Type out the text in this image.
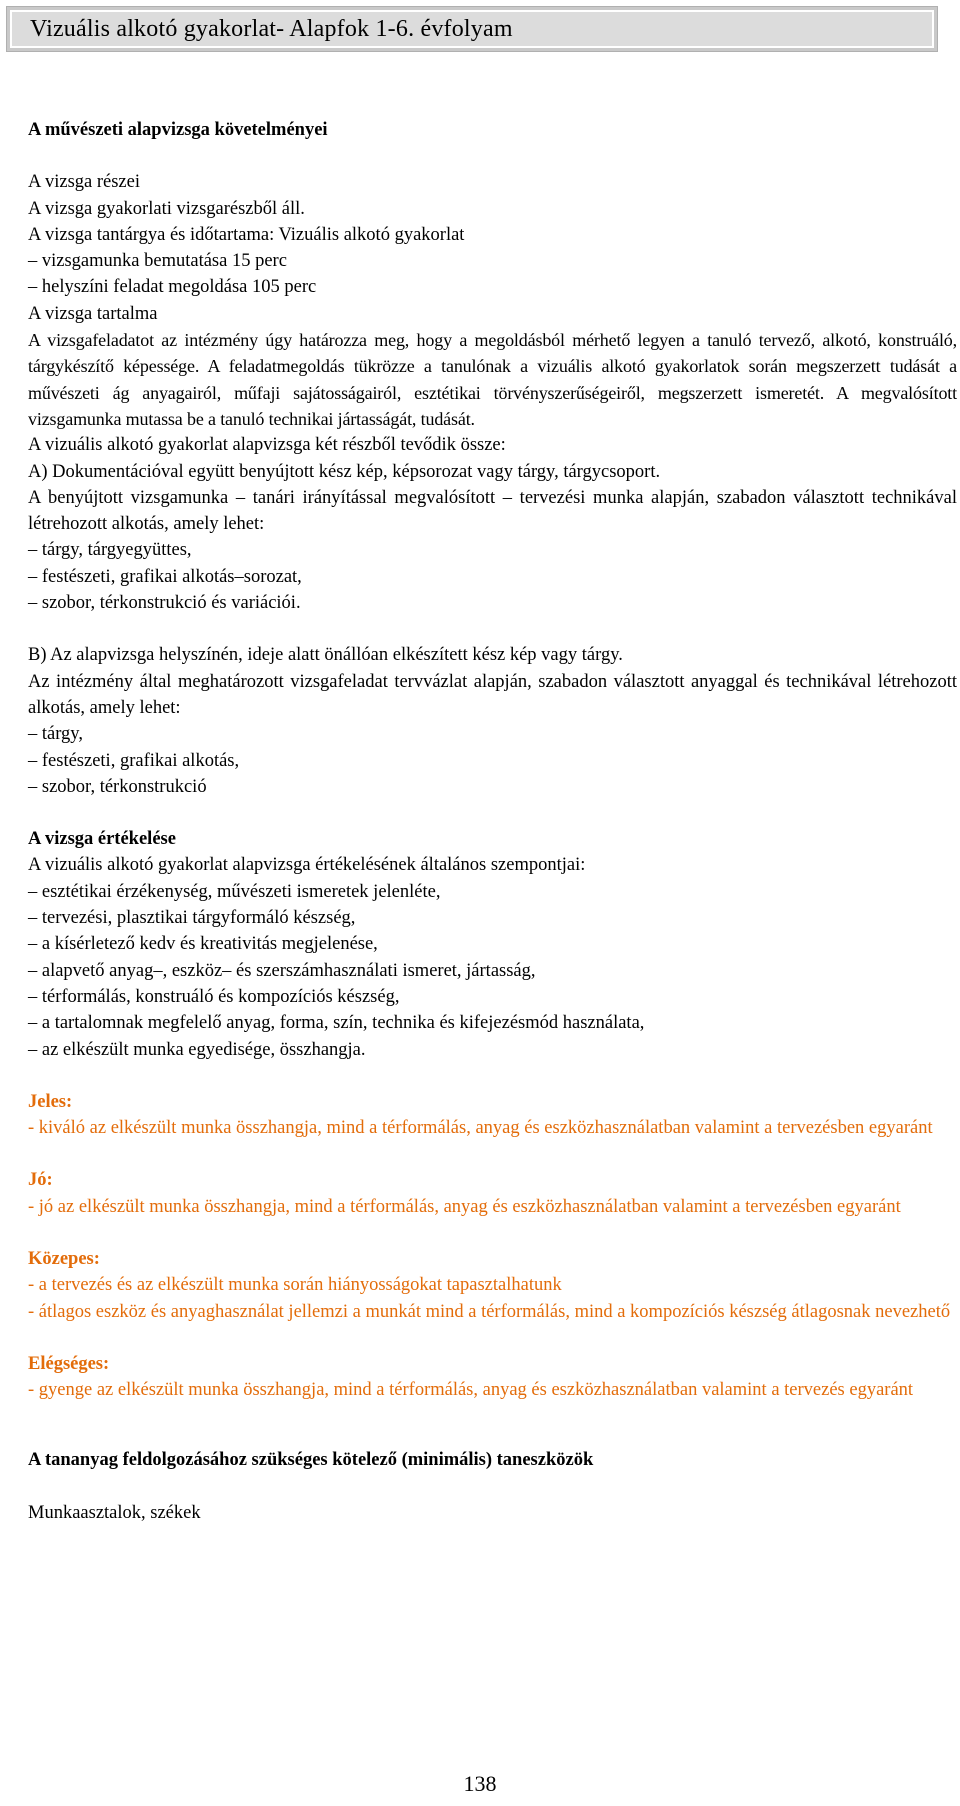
Vizuális alkotó gyakorlat- Alapfok 1-6. évfolyam

A művészeti alapvizsga követelményei

A vizsga részei

A vizsga gyakorlati vizsgarészből áll.

A vizsga tantárgya és időtartama: Vizuális alkotó gyakorlat

– vizsgamunka bemutatása 15 perc

– helyszíni feladat megoldása 105 perc

A vizsga tartalma

A vizsgafeladatot az intézmény úgy határozza meg, hogy a megoldásból mérhető legyen a tanuló tervező, alkotó, konstruáló, tárgykészítő képessége. A feladatmegoldás tükrözze a tanulónak a vizuális alkotó gyakorlatok során megszerzett tudását a művészeti ág anyagairól, műfaji sajátosságairól, esztétikai törvényszerűségeiről, megszerzett ismeretét. A megvalósított vizsgamunka mutassa be a tanuló technikai jártasságát, tudását.

A vizuális alkotó gyakorlat alapvizsga két részből tevődik össze:

A) Dokumentációval együtt benyújtott kész kép, képsorozat vagy tárgy, tárgycsoport.

A benyújtott vizsgamunka – tanári irányítással megvalósított – tervezési munka alapján, szabadon választott technikával létrehozott alkotás, amely lehet:

– tárgy, tárgyegyüttes,

– festészeti, grafikai alkotás–sorozat,

– szobor, térkonstrukció és variációi.

B) Az alapvizsga helyszínén, ideje alatt önállóan elkészített kész kép vagy tárgy.

Az intézmény által meghatározott vizsgafeladat tervvázlat alapján, szabadon választott anyaggal és technikával létrehozott alkotás, amely lehet:

– tárgy,

– festészeti, grafikai alkotás,

– szobor, térkonstrukció

A vizsga értékelése

A vizuális alkotó gyakorlat alapvizsga értékelésének általános szempontjai:

– esztétikai érzékenység, művészeti ismeretek jelenléte,

– tervezési, plasztikai tárgyformáló készség,

– a kísérletező kedv és kreativitás megjelenése,

– alapvető anyag–, eszköz– és szerszámhasználati ismeret, jártasság,

– térformálás, konstruáló és kompozíciós készség,

– a tartalomnak megfelelő anyag, forma, szín, technika és kifejezésmód használata,

– az elkészült munka egyedisége, összhangja.

Jeles:

- kiváló az elkészült munka összhangja, mind a térformálás, anyag és eszközhasználatban valamint a tervezésben egyaránt

Jó:

- jó az elkészült munka összhangja, mind a térformálás, anyag és eszközhasználatban valamint a tervezésben egyaránt

Közepes:

- a tervezés és az elkészült munka során hiányosságokat tapasztalhatunk

- átlagos eszköz és anyaghasználat jellemzi a munkát mind a térformálás, mind a kompozíciós készség átlagosnak nevezhető

Elégséges:

- gyenge az elkészült munka összhangja, mind a térformálás, anyag és eszközhasználatban valamint a tervezés egyaránt

A tananyag feldolgozásához szükséges kötelező (minimális) taneszközök

Munkaasztalok, székek

138
